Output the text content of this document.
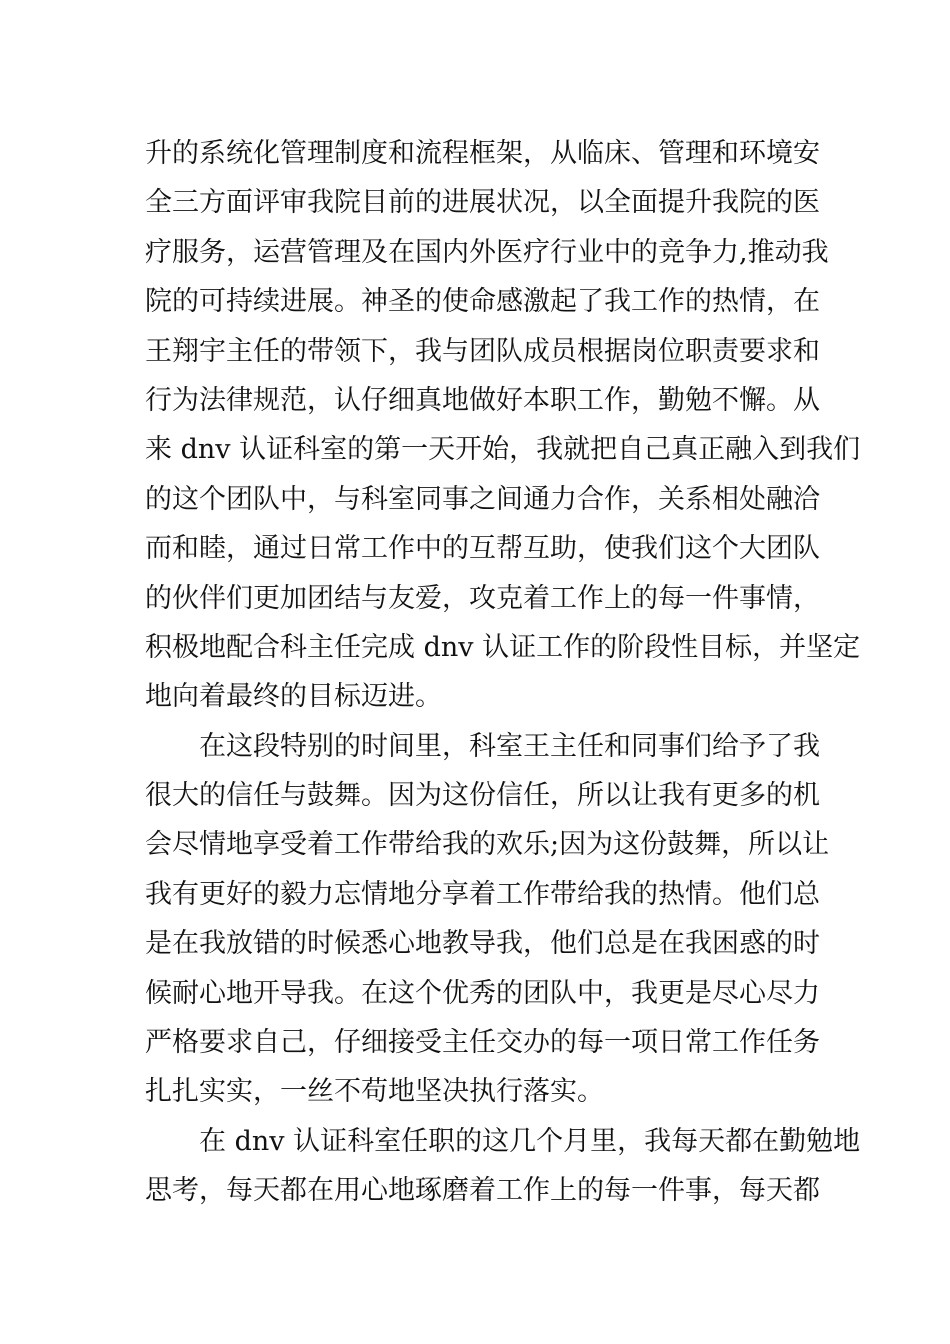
升的系统化管理制度和流程框架，从临床、管理和环境安
全三方面评审我院目前的进展状况，以全面提升我院的医
疗服务，运营管理及在国内外医疗行业中的竞争力,推动我
院的可持续进展。神圣的使命感激起了我工作的热情，在
王翔宇主任的带领下，我与团队成员根据岗位职责要求和
行为法律规范，认仔细真地做好本职工作，勤勉不懈。从
来 dnv 认证科室的第一天开始，我就把自己真正融入到我们
的这个团队中，与科室同事之间通力合作，关系相处融洽
而和睦，通过日常工作中的互帮互助，使我们这个大团队
的伙伴们更加团结与友爱，攻克着工作上的每一件事情，
积极地配合科主任完成 dnv 认证工作的阶段性目标，并坚定
地向着最终的目标迈进。
在这段特别的时间里，科室王主任和同事们给予了我
很大的信任与鼓舞。因为这份信任，所以让我有更多的机
会尽情地享受着工作带给我的欢乐;因为这份鼓舞，所以让
我有更好的毅力忘情地分享着工作带给我的热情。他们总
是在我放错的时候悉心地教导我，他们总是在我困惑的时
候耐心地开导我。在这个优秀的团队中，我更是尽心尽力
严格要求自己，仔细接受主任交办的每一项日常工作任务
扎扎实实，一丝不苟地坚决执行落实。
在 dnv 认证科室任职的这几个月里，我每天都在勤勉地
思考，每天都在用心地琢磨着工作上的每一件事，每天都
